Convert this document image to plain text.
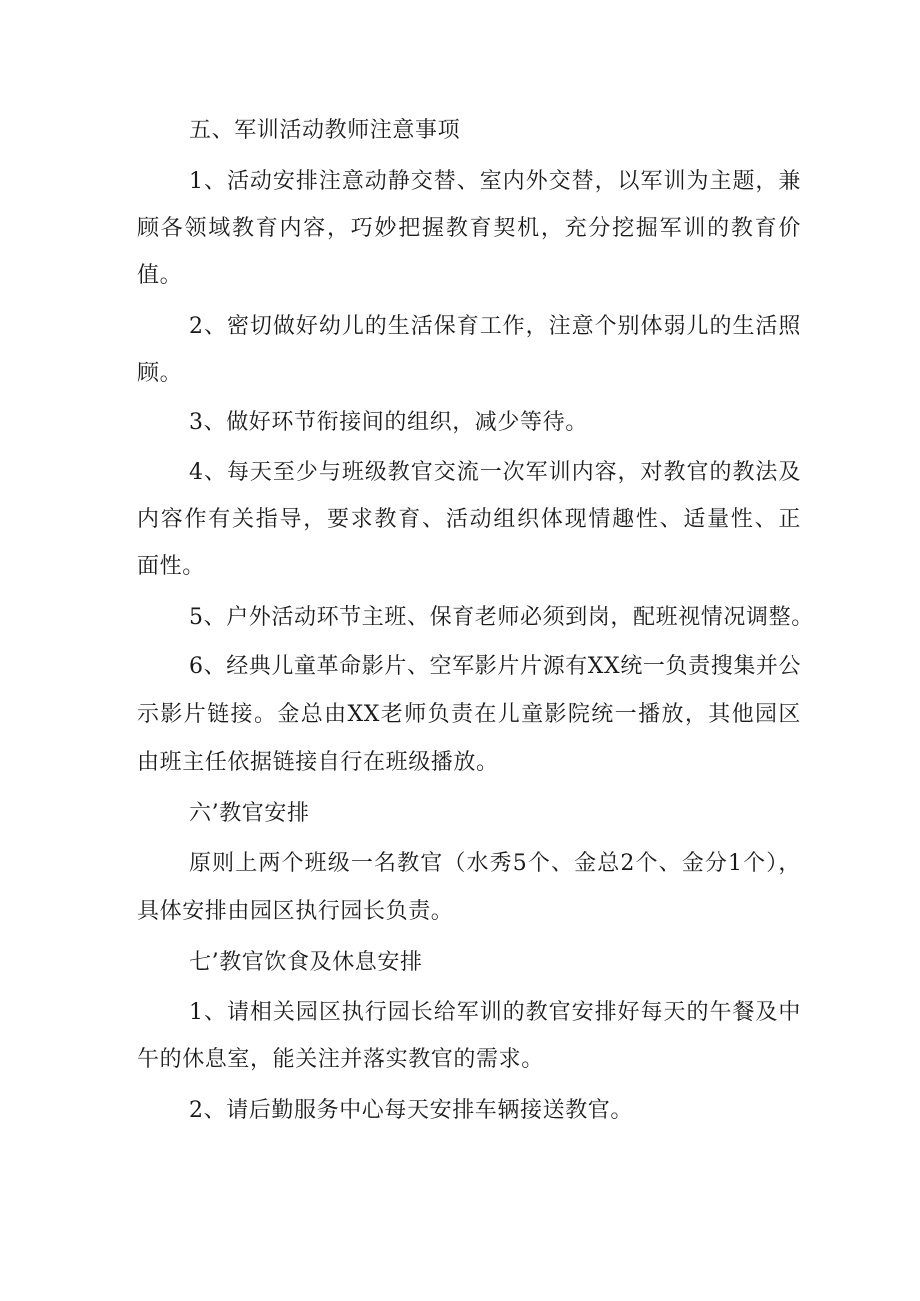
五、军训活动教师注意事项

1、活动安排注意动静交替、室内外交替，以军训为主题，兼

顾各领域教育内容，巧妙把握教育契机，充分挖掘军训的教育价

值。

2、密切做好幼儿的生活保育工作，注意个别体弱儿的生活照

顾。

3、做好环节衔接间的组织，减少等待。

4、每天至少与班级教官交流一次军训内容，对教官的教法及

内容作有关指导，要求教育、活动组织体现情趣性、适量性、正

面性。

5、户外活动环节主班、保育老师必须到岗，配班视情况调整。

6、经典儿童革命影片、空军影片片源有XX统一负责搜集并公

示影片链接。金总由XX老师负责在儿童影院统一播放，其他园区

由班主任依据链接自行在班级播放。

六’教官安排

原则上两个班级一名教官（水秀5个、金总2个、金分1个），

具体安排由园区执行园长负责。

七’教官饮食及休息安排

1、请相关园区执行园长给军训的教官安排好每天的午餐及中

午的休息室，能关注并落实教官的需求。

2、请后勤服务中心每天安排车辆接送教官。
